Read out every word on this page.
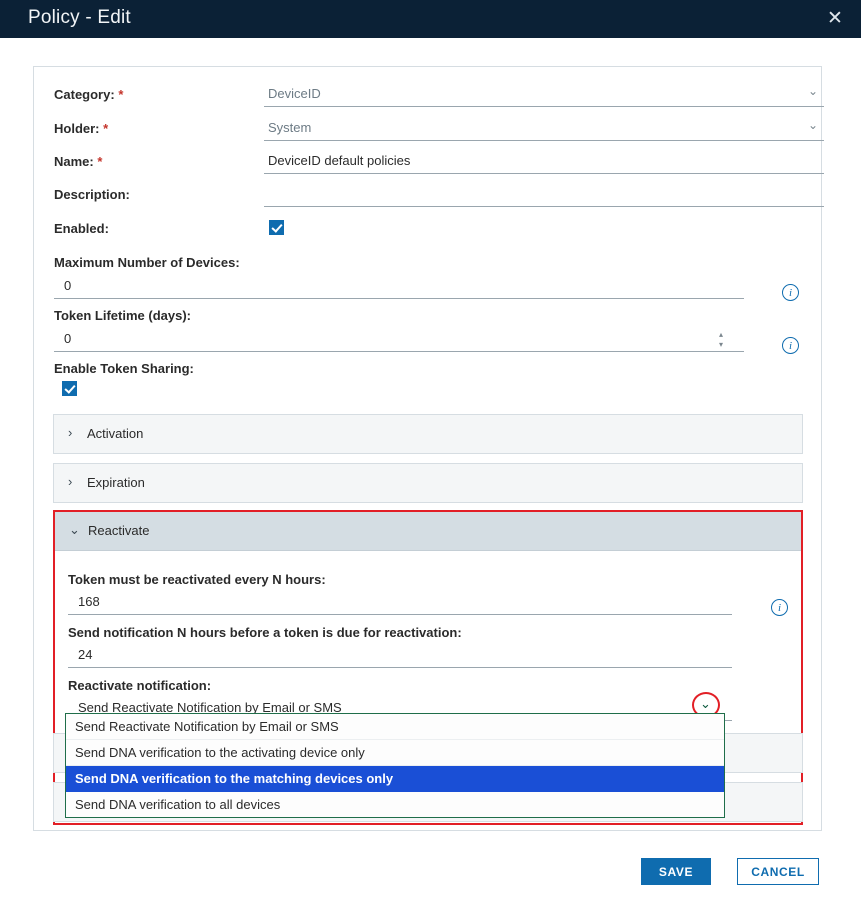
Policy - Edit	✕
Category: *
DeviceID	⌄
Holder: *
System	⌄
Name: *
DeviceID default policies
Description:
Enabled:
Maximum Number of Devices:
0
i
Token Lifetime (days):
0
▴
▾	i
Enable Token Sharing:
› Activation
› Expiration
⌄ Reactivate
Token must be reactivated every N hours:
168
i
Send notification N hours before a token is due for reactivation:
24
Reactivate notification:
Send Reactivate Notification by Email or SMS
⌄
Send Reactivate Notification by Email or SMS
Send DNA verification to the activating device only
Send DNA verification to the matching devices only
Send DNA verification to all devices
SAVE	CANCEL
